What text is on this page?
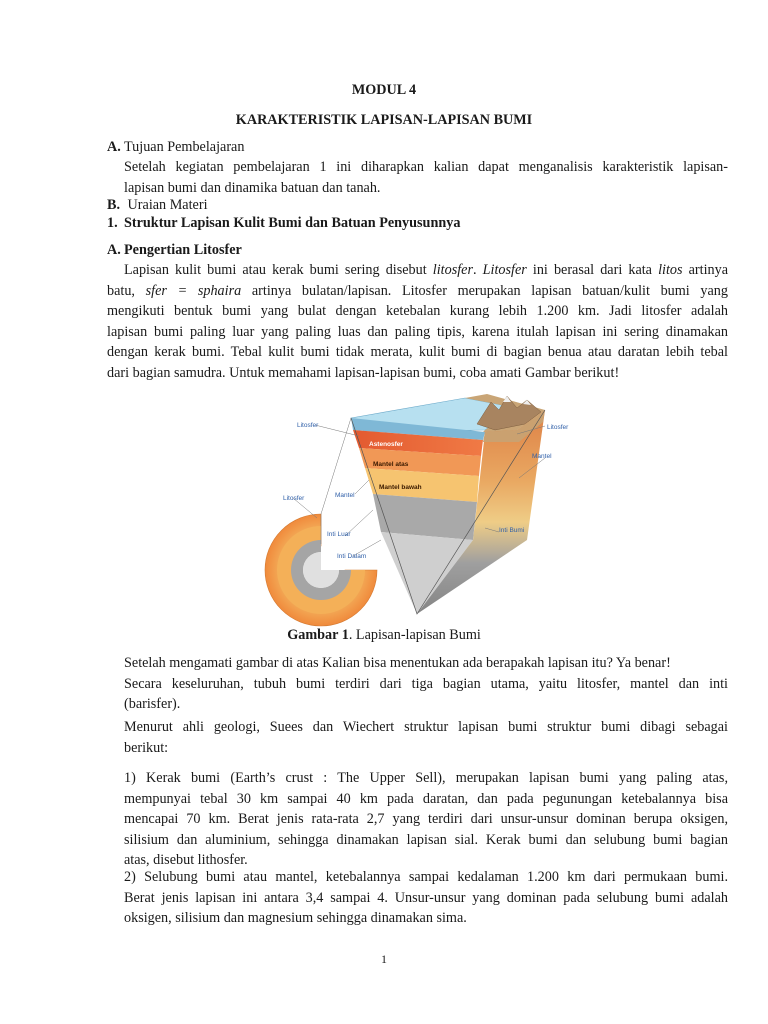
MODUL 4
KARAKTERISTIK LAPISAN-LAPISAN BUMI
A. Tujuan Pembelajaran
Setelah kegiatan pembelajaran 1 ini diharapkan kalian dapat menganalisis karakteristik lapisan-
lapisan bumi dan dinamika batuan dan tanah.
B. Uraian Materi
1. Struktur Lapisan Kulit Bumi dan Batuan Penyusunnya
A. Pengertian Litosfer
Lapisan kulit bumi atau kerak bumi sering disebut litosfer. Litosfer ini berasal dari kata litos artinya
batu, sfer = sphaira artinya bulatan/lapisan. Litosfer merupakan lapisan batuan/kulit bumi yang
mengikuti bentuk bumi yang bulat dengan ketebalan kurang lebih 1.200 km. Jadi litosfer adalah
lapisan bumi paling luar yang paling luas dan paling tipis, karena itulah lapisan ini sering dinamakan
dengan kerak bumi. Tebal kulit bumi tidak merata, kulit bumi di bagian benua atau daratan lebih tebal
dari bagian samudra. Untuk memahami lapisan-lapisan bumi, coba amati Gambar berikut!
Litosfer	Litosfer
Astenosfer
Mantel atas
Mantel bawah
Mantel
Litosfer	Mantel
Inti Luar
Inti Dalam
Inti Bumi
Gambar 1. Lapisan-lapisan Bumi
Setelah mengamati gambar di atas Kalian bisa menentukan ada berapakah lapisan itu? Ya benar!
Secara keseluruhan, tubuh bumi terdiri dari tiga bagian utama, yaitu litosfer, mantel dan inti
(barisfer).
Menurut ahli geologi, Suees dan Wiechert struktur lapisan bumi struktur bumi dibagi sebagai
berikut:
1) Kerak bumi (Earth’s crust : The Upper Sell), merupakan lapisan bumi yang paling atas,
mempunyai tebal 30 km sampai 40 km pada daratan, dan pada pegunungan ketebalannya bisa
mencapai 70 km. Berat jenis rata-rata 2,7 yang terdiri dari unsur-unsur dominan berupa oksigen,
silisium dan aluminium, sehingga dinamakan lapisan sial. Kerak bumi dan selubung bumi bagian
atas, disebut lithosfer.
2) Selubung bumi atau mantel, ketebalannya sampai kedalaman 1.200 km dari permukaan bumi.
Berat jenis lapisan ini antara 3,4 sampai 4. Unsur-unsur yang dominan pada selubung bumi adalah
oksigen, silisium dan magnesium sehingga dinamakan sima.
1
